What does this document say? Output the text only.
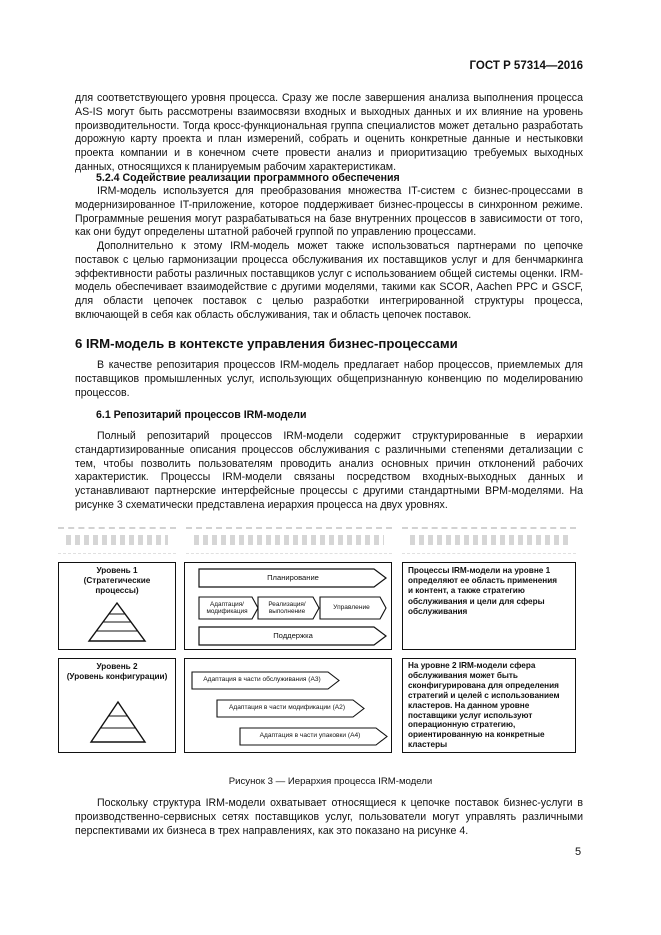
ГОСТ Р 57314—2016

для соответствующего уровня процесса. Сразу же после завершения анализа выполнения процесса AS-IS могут быть рассмотрены взаимосвязи входных и выходных данных и их влияние на уровень производительности. Тогда кросс-функциональная группа специалистов может детально разработать дорожную карту проекта и план измерений, собрать и оценить конкретные данные и нестыковки проекта компании и в конечном счете провести анализ и приоритизацию требуемых выходных данных, относящихся к планируемым рабочим характеристикам.

5.2.4 Содействие реализации программного обеспечения

IRM-модель используется для преобразования множества IT-систем с бизнес-процессами в модернизированное IT-приложение, которое поддерживает бизнес-процессы в синхронном режиме. Программные решения могут разрабатываться на базе внутренних процессов в зависимости от того, как они будут определены штатной рабочей группой по управлению процессами.

Дополнительно к этому IRM-модель может также использоваться партнерами по цепочке поставок с целью гармонизации процесса обслуживания их поставщиков услуг и для бенчмаркинга эффективности работы различных поставщиков услуг с использованием общей системы оценки. IRM-модель обеспечивает взаимодействие с другими моделями, такими как SCOR, Aachen PPC и GSCF, для области цепочек поставок с целью разработки интегрированной структуры процесса, включающей в себя как область обслуживания, так и область цепочек поставок.

6 IRM-модель в контексте управления бизнес-процессами

В качестве репозитария процессов IRM-модель предлагает набор процессов, приемлемых для поставщиков промышленных услуг, использующих общепризнанную конвенцию по моделированию процессов.

6.1 Репозитарий процессов IRM-модели

Полный репозитарий процессов IRM-модели содержит структурированные в иерархии стандартизированные описания процессов обслуживания с различными степенями детализации с тем, чтобы позволить пользователям проводить анализ основных причин отклонений рабочих характеристик. Процессы IRM-модели связаны посредством входных-выходных данных и устанавливают партнерские интерфейсные процессы с другими стандартными BPM-моделями. На рисунке 3 схематически представлена иерархия процесса на двух уровнях.

Уровень 1
(Стратегические процессы)
Планирование
Адаптация/ модификация
Реализация/ выполнение
Управление
Поддержка
Процессы IRM-модели на уровне 1 определяют ее область применения и контент, а также стратегию обслуживания и цели для сферы обслуживания
Уровень 2
(Уровень конфигурации)	Адаптация в части обслуживания (А3)
Адаптация в части модификации (А2)
Адаптация в части упаковки (А4)
На уровне 2 IRM-модели сфера обслуживания может быть сконфигурирована для определения стратегий и целей с использованием кластеров. На данном уровне поставщики услуг используют операционную стратегию, ориентированную на конкретные кластеры
Рисунок 3 — Иерархия процесса IRM-модели

Поскольку структура IRM-модели охватывает относящиеся к цепочке поставок бизнес-услуги в производственно-сервисных сетях поставщиков услуг, пользователи могут управлять различными перспективами их бизнеса в трех направлениях, как это показано на рисунке 4.

5
